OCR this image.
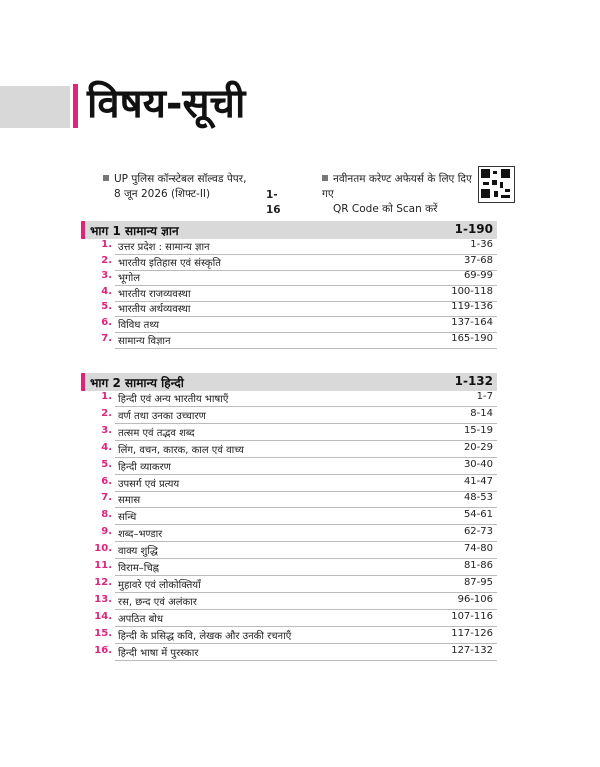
विषय-सूची
UP पुलिस कॉन्स्टेबल सॉल्वड पेपर,
8 जून 2026 (शिफ्ट-II)	1-16
नवीनतम करेण्ट अफेयर्स के लिए दिए गए
QR Code को Scan करें
भाग 1 सामान्य ज्ञान	1-190
1. उत्तर प्रदेश : सामान्य ज्ञान	1-36
2. भारतीय इतिहास एवं संस्कृति	37-68
3. भूगोल	69-99
4. भारतीय राजव्यवस्था	100-118
5. भारतीय अर्थव्यवस्था	119-136
6. विविध तथ्य	137-164
7. सामान्य विज्ञान	165-190
भाग 2 सामान्य हिन्दी	1-132
1. हिन्दी एवं अन्य भारतीय भाषाएँ	1-7
2. वर्ण तथा उनका उच्चारण	8-14
3. तत्सम एवं तद्भव शब्द	15-19
4. लिंग, वचन, कारक, काल एवं वाच्य	20-29
5. हिन्दी व्याकरण	30-40
6. उपसर्ग एवं प्रत्यय	41-47
7. समास	48-53
8. सन्धि	54-61
9. शब्द–भण्डार	62-73
10. वाक्य शुद्धि	74-80
11. विराम–चिह्न	81-86
12. मुहावरे एवं लोकोक्तियाँ	87-95
13. रस, छन्द एवं अलंकार	96-106
14. अपठित बोध	107-116
15. हिन्दी के प्रसिद्ध कवि, लेखक और उनकी रचनाएँ	117-126
16. हिन्दी भाषा में पुरस्कार	127-132
